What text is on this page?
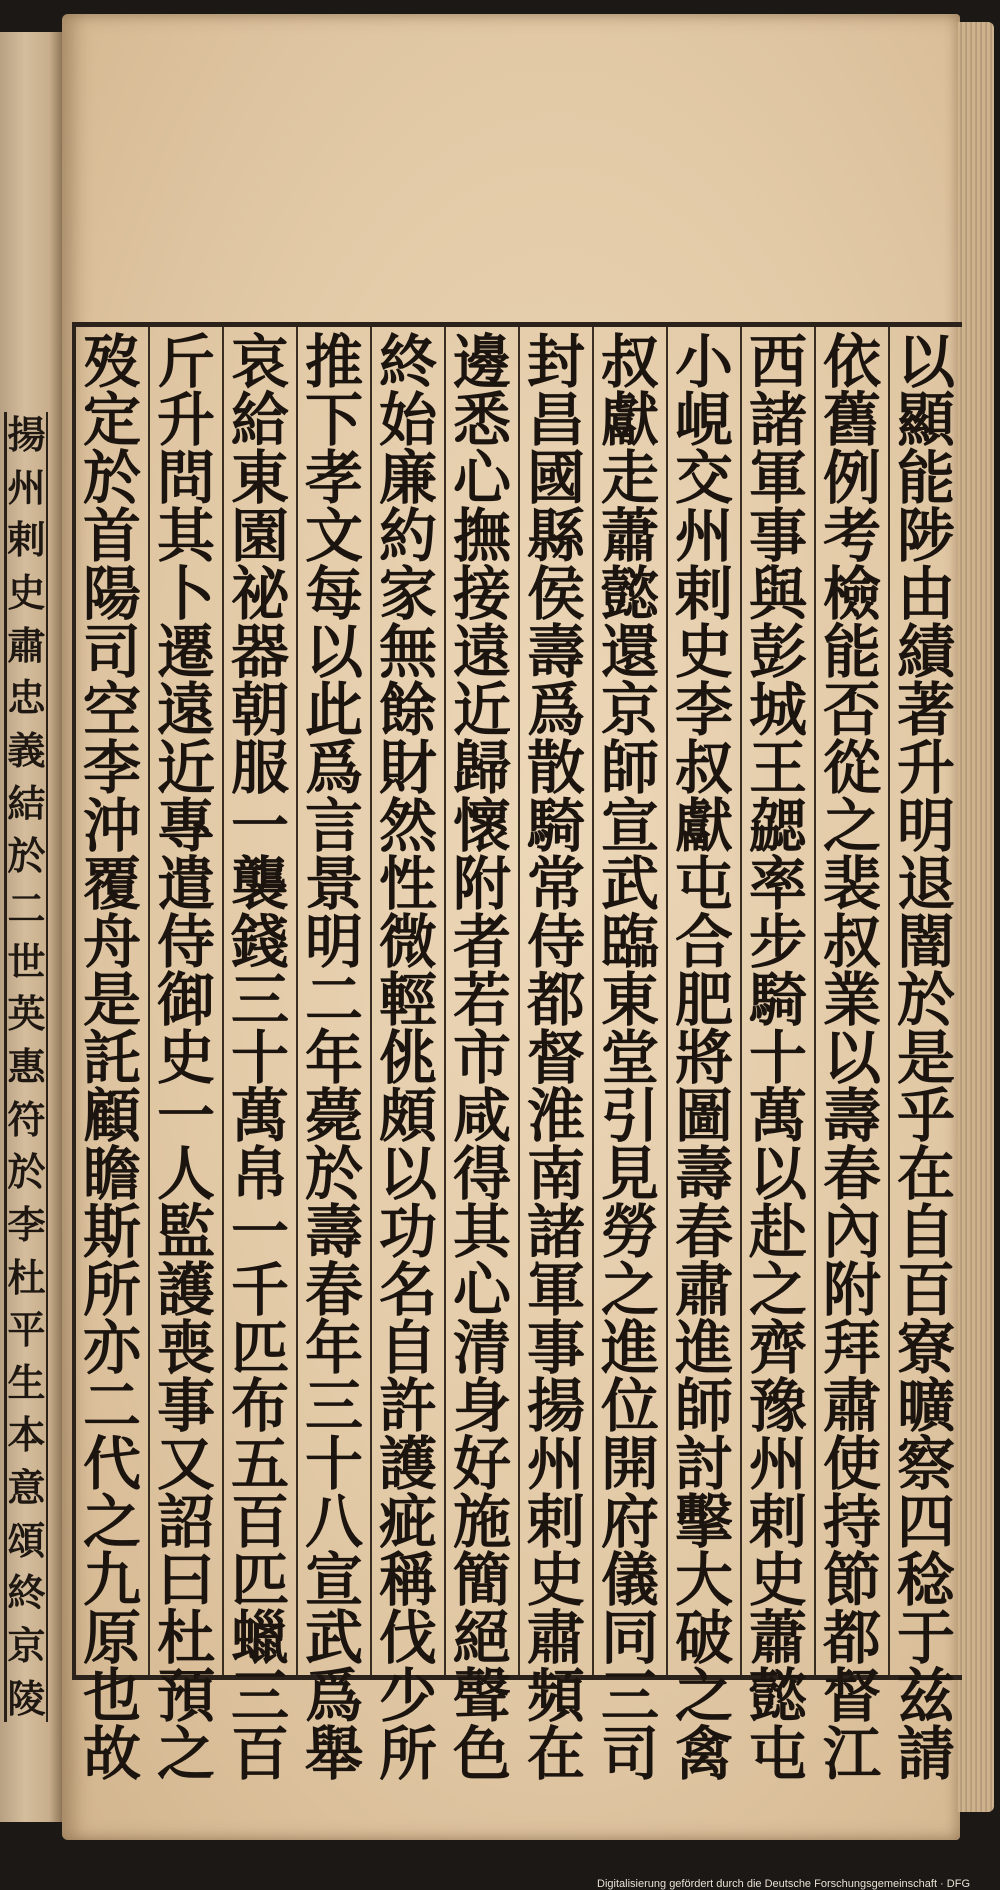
揚
州
剌
史
肅
忠
義
結
於
二
世
英
惠
符
於
李
杜
平
生
本
意
頌
終
京
陵
以
顯
能
陟
由
績
著
升
明
退
闇
於
是
乎
在
自
百
寮
曠
察
四
稔
于
兹
請
依
舊
例
考
檢
能
否
從
之
裴
叔
業
以
壽
春
內
附
拜
肅
使
持
節
都
督
江
西
諸
軍
事
與
彭
城
王
勰
率
步
騎
十
萬
以
赴
之
齊
豫
州
剌
史
蕭
懿
屯
小
峴
交
州
剌
史
李
叔
獻
屯
合
肥
將
圖
壽
春
肅
進
師
討
擊
大
破
之
禽
叔
獻
走
蕭
懿
還
京
師
宣
武
臨
東
堂
引
見
勞
之
進
位
開
府
儀
同
三
司
封
昌
國
縣
侯
壽
爲
散
騎
常
侍
都
督
淮
南
諸
軍
事
揚
州
剌
史
肅
頻
在
邊
悉
心
撫
接
遠
近
歸
懷
附
者
若
市
咸
得
其
心
清
身
好
施
簡
絕
聲
色
終
始
廉
約
家
無
餘
財
然
性
微
輕
佻
頗
以
功
名
自
許
護
疵
稱
伐
少
所
推
下
孝
文
每
以
此
爲
言
景
明
二
年
薨
於
壽
春
年
三
十
八
宣
武
爲
舉
哀
給
東
園
祕
器
朝
服
一
襲
錢
三
十
萬
帛
一
千
匹
布
五
百
匹
蠟
三
百
斤
升
問
其
卜
遷
遠
近
專
遣
侍
御
史
一
人
監
護
喪
事
又
詔
曰
杜
預
之
歿
定
於
首
陽
司
空
李
沖
覆
舟
是
託
顧
瞻
斯
所
亦
二
代
之
九
原
也
故
Digitalisierung gefördert durch die Deutsche Forschungsgemeinschaft · DFG
